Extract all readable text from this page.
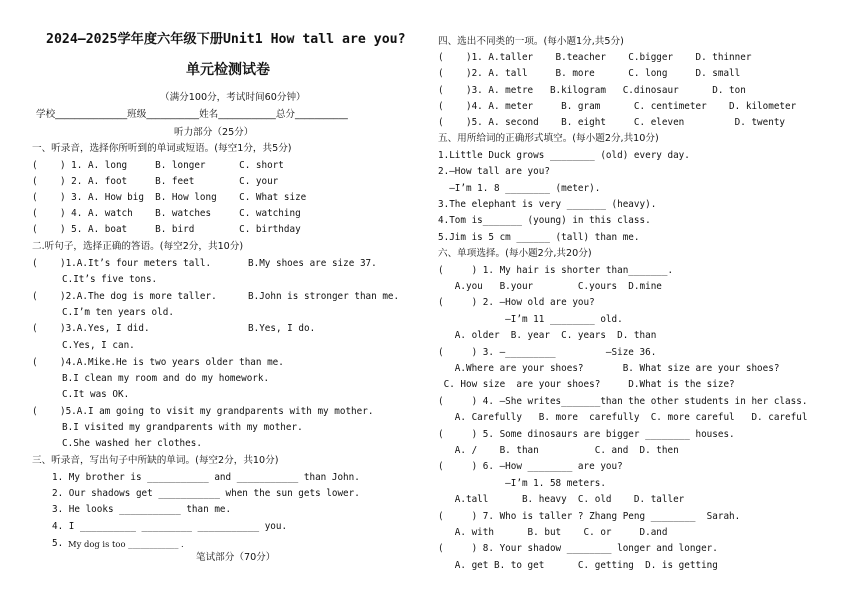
2024—2025学年度六年级下册Unit1 How tall are you?
单元检测试卷
（满分100分，考试时间60分钟）
学校_______________班级___________姓名____________总分___________
听力部分（25分）
一、听录音，选择你所听到的单词或短语。(每空1分，共5分)
(    ) 1. A. long     B. longer      C. short
(    ) 2. A. foot     B. feet        C. your
(    ) 3. A. How big  B. How long    C. What size
(    ) 4. A. watch    B. watches     C. watching
(    ) 5. A. boat     B. bird        C. birthday
二.听句子，选择正确的答语。(每空2分，共10分)
(    )1.A.It’s four meters tall.	B.My shoes are size 37.
C.It’s five tons.
(    )2.A.The dog is more taller.	B.John is stronger than me.
C.I’m ten years old.
(    )3.A.Yes, I did.	B.Yes, I do.
C.Yes, I can.
(    )4.A.Mike.He is two years older than me.
B.I clean my room and do my homework.
C.It was OK.
(    )5.A.I am going to visit my grandparents with my mother.
B.I visited my grandparents with my mother.
C.She washed her clothes.
三、听录音，写出句子中所缺的单词。(每空2分，共10分)
1. My brother is ___________ and ___________ than John.
2. Our shadows get ___________ when the sun gets lower.
3. He looks ___________ than me.
4. I __________ _________ ___________ you.
5. My dog is too ____________ .
笔试部分（70分）
四、选出不同类的一项。(每小题1分,共5分)
(    )1. A.taller    B.teacher    C.bigger    D. thinner
(    )2. A. tall     B. more      C. long     D. small
(    )3. A. metre   B.kilogram   C.dinosaur      D. ton
(    )4. A. meter     B. gram      C. centimeter    D. kilometer
(    )5. A. second    B. eight     C. eleven         D. twenty
五、用所给词的正确形式填空。(每小题2分,共10分)
1.Little Duck grows ________ (old) every day.
2.—How tall are you?
—I’m 1. 8 ________ (meter).
3.The elephant is very _______ (heavy).
4.Tom is_______ (young) in this class.
5.Jim is 5 cm ______ (tall) than me.
六、单项选择。(每小题2分,共20分)
(     ) 1. My hair is shorter than_______.
A.you   B.your        C.yours  D.mine
(     ) 2. —How old are you?
—I’m 11 ________ old.
A. older  B. year  C. years  D. than
(     ) 3. —_________         —Size 36.
A.Where are your shoes?       B. What size are your shoes?
C. How size  are your shoes?     D.What is the size?
(     ) 4. —She writes_______than the other students in her class.
A. Carefully   B. more  carefully  C. more careful   D. careful
(     ) 5. Some dinosaurs are bigger ________ houses.
A. /    B. than          C. and  D. then
(     ) 6. —How ________ are you?
—I’m 1. 58 meters.
A.tall      B. heavy  C. old    D. taller
(     ) 7. Who is taller ? Zhang Peng ________  Sarah.
A. with      B. but    C. or     D.and
(     ) 8. Your shadow ________ longer and longer.
A. get B. to get      C. getting  D. is getting
